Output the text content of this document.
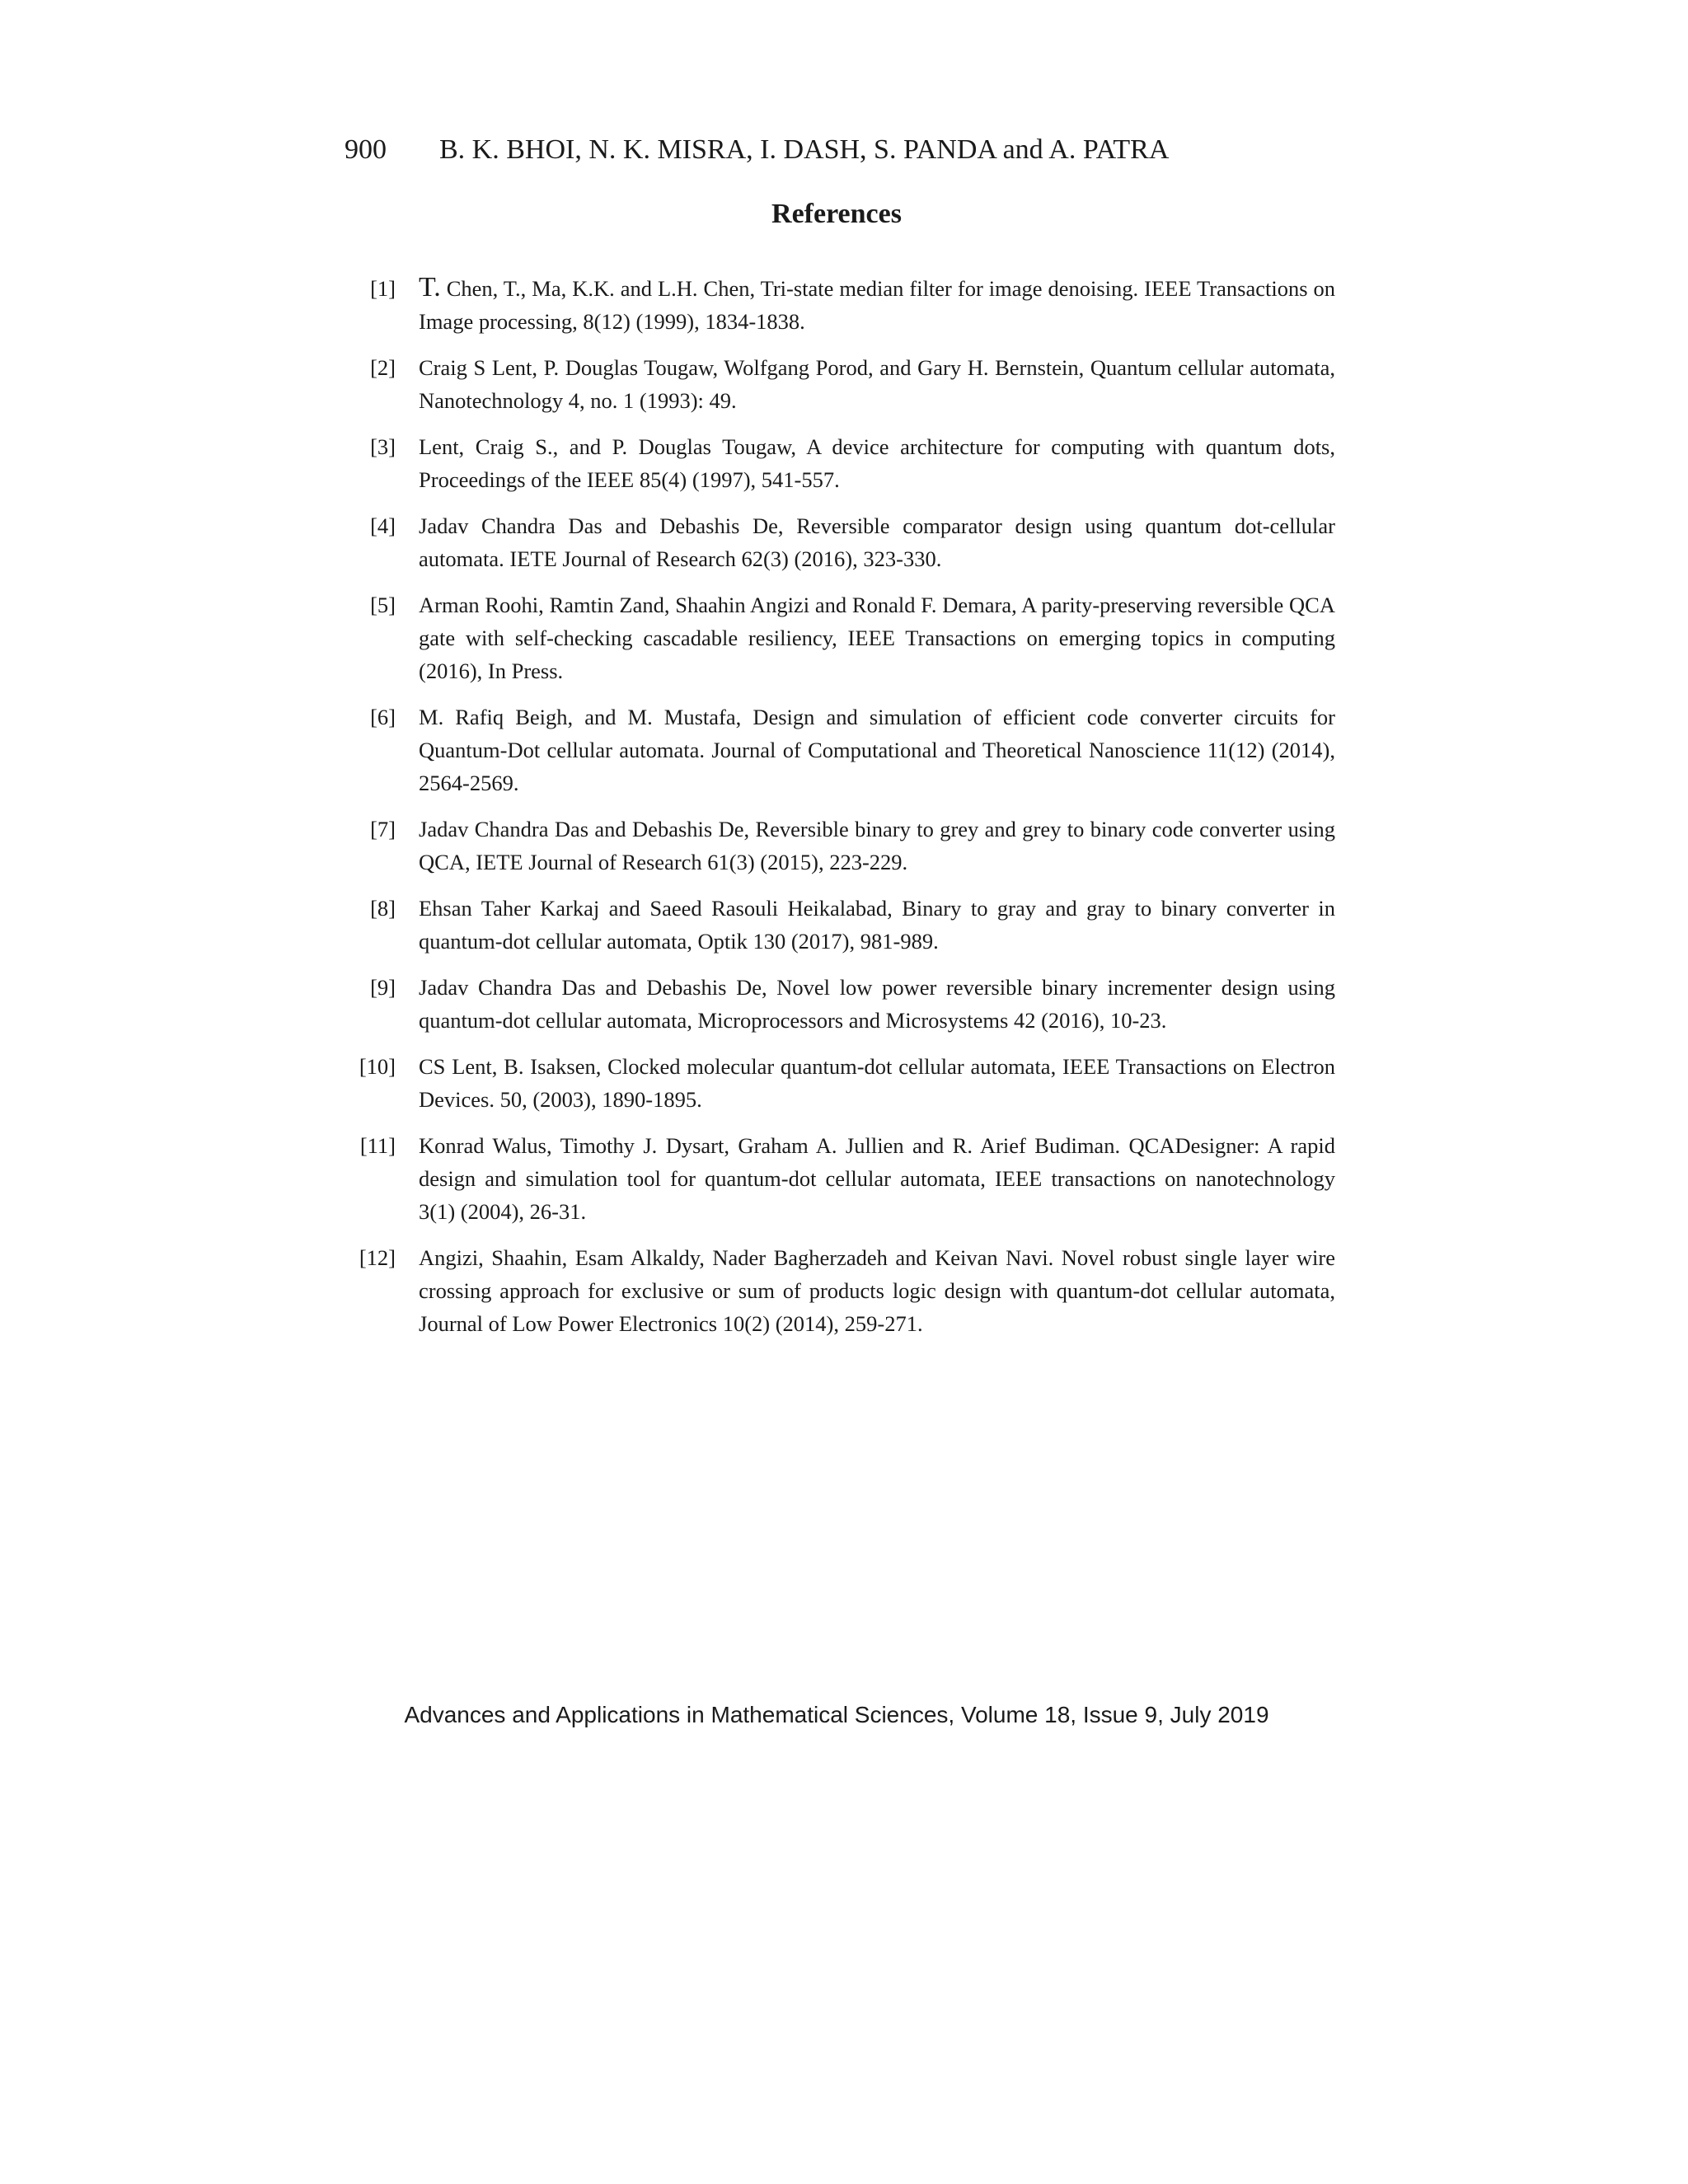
900 B. K. BHOI, N. K. MISRA, I. DASH, S. PANDA and A. PATRA
References
[1] T. Chen, T., Ma, K.K. and L.H. Chen, Tri-state median filter for image denoising. IEEE Transactions on Image processing, 8(12) (1999), 1834-1838.
[2] Craig S Lent, P. Douglas Tougaw, Wolfgang Porod, and Gary H. Bernstein, Quantum cellular automata, Nanotechnology 4, no. 1 (1993): 49.
[3] Lent, Craig S., and P. Douglas Tougaw, A device architecture for computing with quantum dots, Proceedings of the IEEE 85(4) (1997), 541-557.
[4] Jadav Chandra Das and Debashis De, Reversible comparator design using quantum dot-cellular automata. IETE Journal of Research 62(3) (2016), 323-330.
[5] Arman Roohi, Ramtin Zand, Shaahin Angizi and Ronald F. Demara, A parity-preserving reversible QCA gate with self-checking cascadable resiliency, IEEE Transactions on emerging topics in computing (2016), In Press.
[6] M. Rafiq Beigh, and M. Mustafa, Design and simulation of efficient code converter circuits for Quantum-Dot cellular automata. Journal of Computational and Theoretical Nanoscience 11(12) (2014), 2564-2569.
[7] Jadav Chandra Das and Debashis De, Reversible binary to grey and grey to binary code converter using QCA, IETE Journal of Research 61(3) (2015), 223-229.
[8] Ehsan Taher Karkaj and Saeed Rasouli Heikalabad, Binary to gray and gray to binary converter in quantum-dot cellular automata, Optik 130 (2017), 981-989.
[9] Jadav Chandra Das and Debashis De, Novel low power reversible binary incrementer design using quantum-dot cellular automata, Microprocessors and Microsystems 42 (2016), 10-23.
[10] CS Lent, B. Isaksen, Clocked molecular quantum-dot cellular automata, IEEE Transactions on Electron Devices. 50, (2003), 1890-1895.
[11] Konrad Walus, Timothy J. Dysart, Graham A. Jullien and R. Arief Budiman. QCADesigner: A rapid design and simulation tool for quantum-dot cellular automata, IEEE transactions on nanotechnology 3(1) (2004), 26-31.
[12] Angizi, Shaahin, Esam Alkaldy, Nader Bagherzadeh and Keivan Navi. Novel robust single layer wire crossing approach for exclusive or sum of products logic design with quantum-dot cellular automata, Journal of Low Power Electronics 10(2) (2014), 259-271.
Advances and Applications in Mathematical Sciences, Volume 18, Issue 9, July 2019
